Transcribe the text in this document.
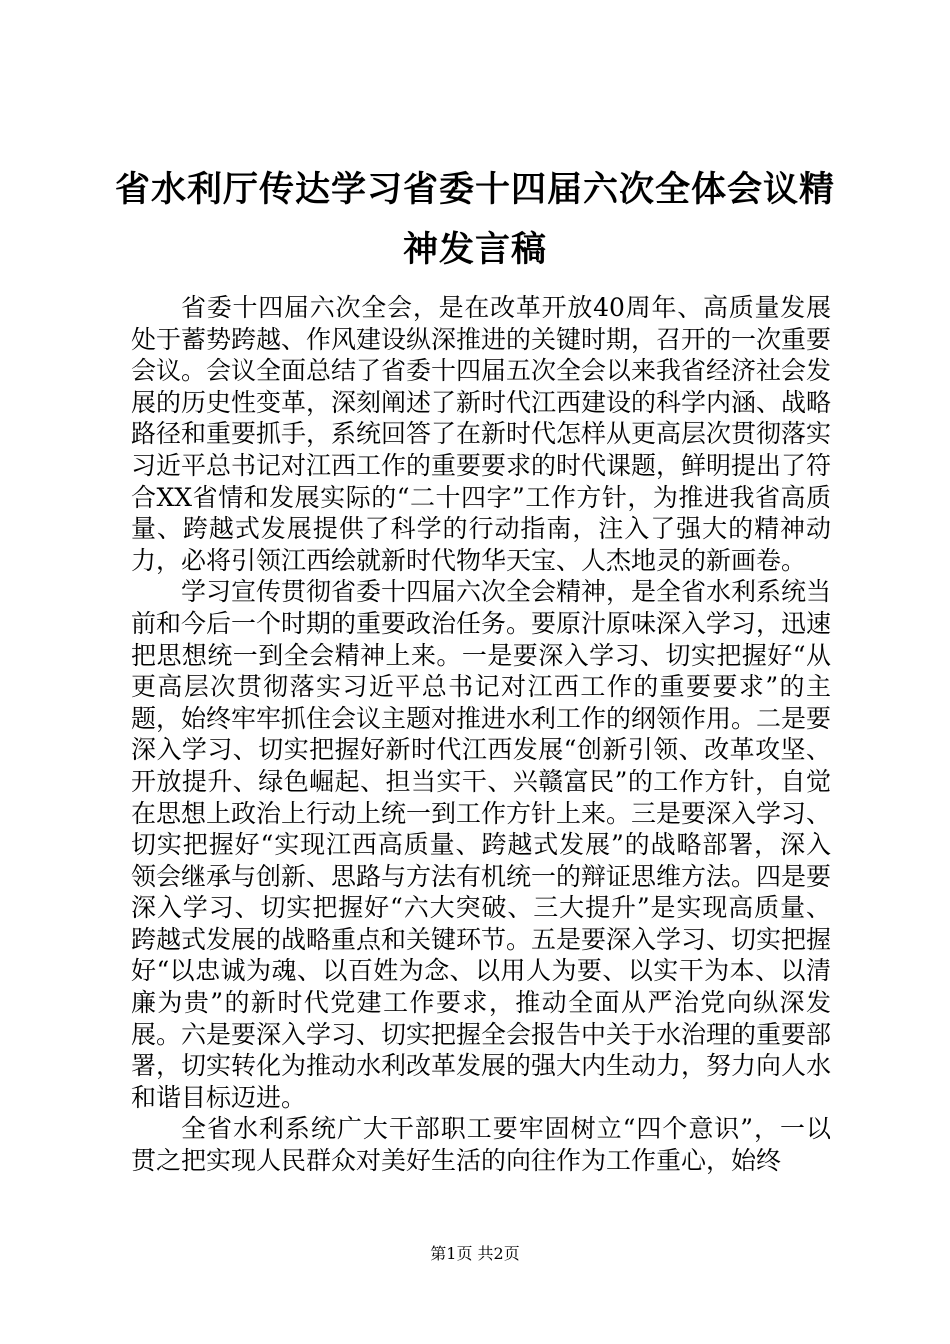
省水利厅传达学习省委十四届六次全体会议精神发言稿

省委十四届六次全会，是在改革开放40周年、高质量发展处于蓄势跨越、作风建设纵深推进的关键时期，召开的一次重要会议。会议全面总结了省委十四届五次全会以来我省经济社会发展的历史性变革，深刻阐述了新时代江西建设的科学内涵、战略路径和重要抓手，系统回答了在新时代怎样从更高层次贯彻落实习近平总书记对江西工作的重要要求的时代课题，鲜明提出了符合XX省情和发展实际的“二十四字”工作方针，为推进我省高质量、跨越式发展提供了科学的行动指南，注入了强大的精神动力，必将引领江西绘就新时代物华天宝、人杰地灵的新画卷。

学习宣传贯彻省委十四届六次全会精神，是全省水利系统当前和今后一个时期的重要政治任务。要原汁原味深入学习，迅速把思想统一到全会精神上来。一是要深入学习、切实把握好“从更高层次贯彻落实习近平总书记对江西工作的重要要求”的主题，始终牢牢抓住会议主题对推进水利工作的纲领作用。二是要深入学习、切实把握好新时代江西发展“创新引领、改革攻坚、开放提升、绿色崛起、担当实干、兴赣富民”的工作方针，自觉在思想上政治上行动上统一到工作方针上来。三是要深入学习、切实把握好“实现江西高质量、跨越式发展”的战略部署，深入领会继承与创新、思路与方法有机统一的辩证思维方法。四是要深入学习、切实把握好“六大突破、三大提升”是实现高质量、跨越式发展的战略重点和关键环节。五是要深入学习、切实把握好“以忠诚为魂、以百姓为念、以用人为要、以实干为本、以清廉为贵”的新时代党建工作要求，推动全面从严治党向纵深发展。六是要深入学习、切实把握全会报告中关于水治理的重要部署，切实转化为推动水利改革发展的强大内生动力，努力向人水和谐目标迈进。

全省水利系统广大干部职工要牢固树立“四个意识”，一以贯之把实现人民群众对美好生活的向往作为工作重心，始终

第1页 共2页
